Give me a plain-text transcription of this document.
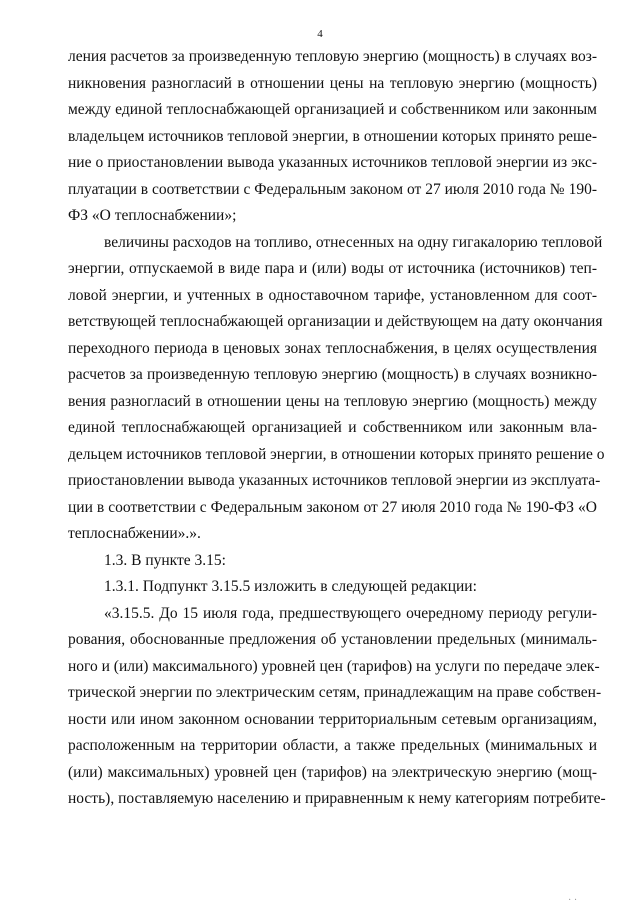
4
ления расчетов за произведенную тепловую энергию (мощность) в случаях воз-
никновения разногласий в отношении цены на тепловую энергию (мощность)
между единой теплоснабжающей организацией и собственником или законным
владельцем источников тепловой энергии, в отношении которых принято реше-
ние о приостановлении вывода указанных источников тепловой энергии из экс-
плуатации в соответствии с Федеральным законом от 27 июля 2010 года № 190-
ФЗ «О теплоснабжении»;
величины расходов на топливо, отнесенных на одну гигакалорию тепловой
энергии, отпускаемой в виде пара и (или) воды от источника (источников) теп-
ловой энергии, и учтенных в одноставочном тарифе, установленном для соот-
ветствующей теплоснабжающей организации и действующем на дату окончания
переходного периода в ценовых зонах теплоснабжения, в целях осуществления
расчетов за произведенную тепловую энергию (мощность) в случаях возникно-
вения разногласий в отношении цены на тепловую энергию (мощность) между
единой теплоснабжающей организацией и собственником или законным вла-
дельцем источников тепловой энергии, в отношении которых принято решение о
приостановлении вывода указанных источников тепловой энергии из эксплуата-
ции в соответствии с Федеральным законом от 27 июля 2010 года № 190-ФЗ «О
теплоснабжении».».
1.3. В пункте 3.15:
1.3.1. Подпункт 3.15.5 изложить в следующей редакции:
«3.15.5. До 15 июля года, предшествующего очередному периоду регули-
рования, обоснованные предложения об установлении предельных (минималь-
ного и (или) максимального) уровней цен (тарифов) на услуги по передаче элек-
трической энергии по электрическим сетям, принадлежащим на праве собствен-
ности или ином законном основании территориальным сетевым организациям,
расположенным на территории области, а также предельных (минимальных и
(или) максимальных) уровней цен (тарифов) на электрическую энергию (мощ-
ность), поставляемую населению и приравненным к нему категориям потребите-
· ·
